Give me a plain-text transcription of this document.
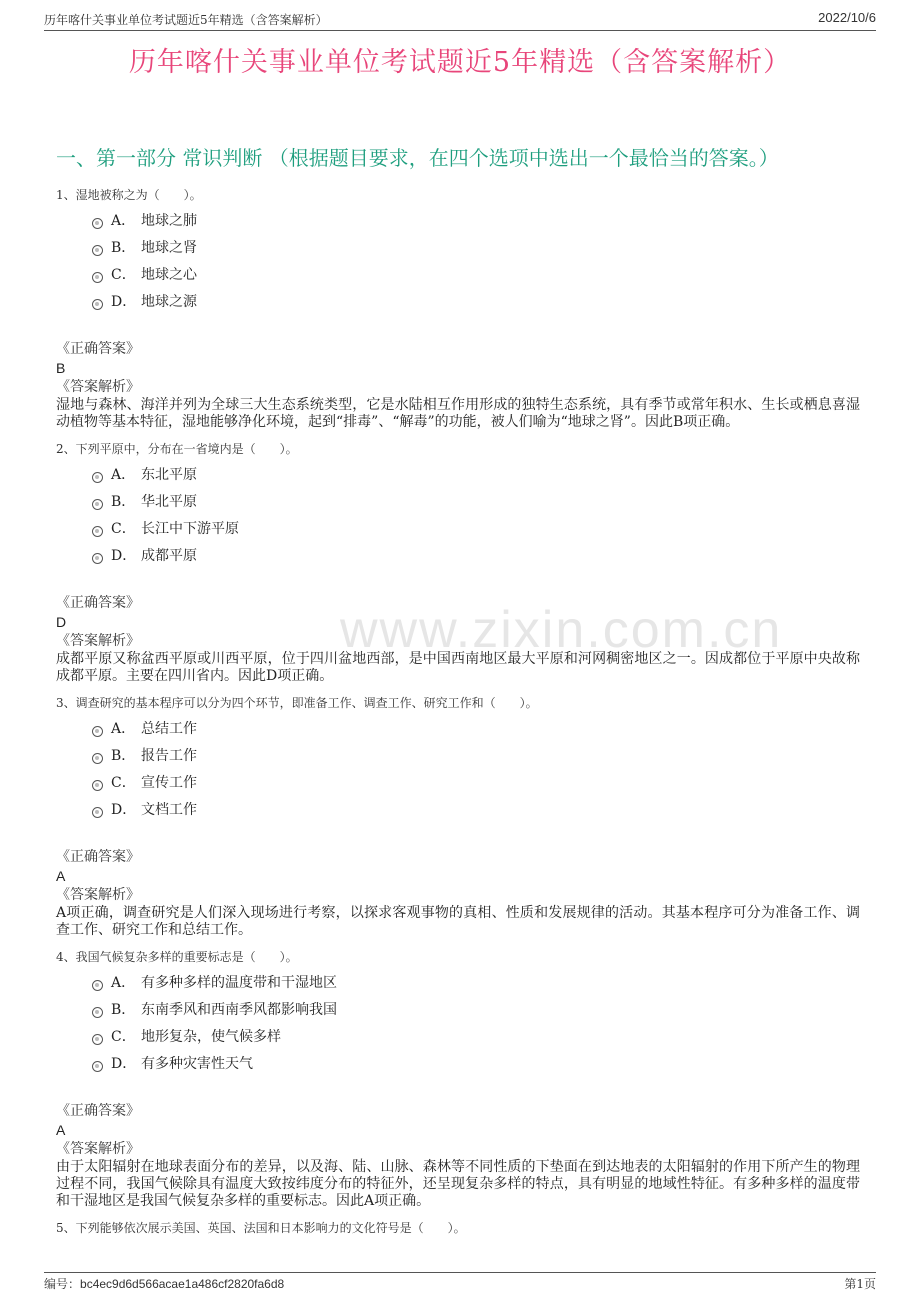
历年喀什关事业单位考试题近5年精选（含答案解析）	2022/10/6
历年喀什关事业单位考试题近5年精选（含答案解析）
一、第一部分 常识判断 （根据题目要求，在四个选项中选出一个最恰当的答案。）
www.zixin.com.cn
1、湿地被称之为（　　）。
A． 地球之肺
B． 地球之肾
C． 地球之心
D． 地球之源
《正确答案》
B
《答案解析》
湿地与森林、海洋并列为全球三大生态系统类型，它是水陆相互作用形成的独特生态系统，具有季节或常年积水、生长或栖息喜湿动植物等基本特征，湿地能够净化环境，起到“排毒”、“解毒”的功能，被人们喻为“地球之肾”。因此B项正确。
2、下列平原中，分布在一省境内是（　　）。
A． 东北平原
B． 华北平原
C． 长江中下游平原
D． 成都平原
《正确答案》
D
《答案解析》
成都平原又称盆西平原或川西平原，位于四川盆地西部，是中国西南地区最大平原和河网稠密地区之一。因成都位于平原中央故称成都平原。主要在四川省内。因此D项正确。
3、调查研究的基本程序可以分为四个环节，即准备工作、调查工作、研究工作和（　　）。
A． 总结工作
B． 报告工作
C． 宣传工作
D． 文档工作
《正确答案》
A
《答案解析》
A项正确，调查研究是人们深入现场进行考察，以探求客观事物的真相、性质和发展规律的活动。其基本程序可分为准备工作、调查工作、研究工作和总结工作。
4、我国气候复杂多样的重要标志是（　　）。
A． 有多种多样的温度带和干湿地区
B． 东南季风和西南季风都影响我国
C． 地形复杂，使气候多样
D． 有多种灾害性天气
《正确答案》
A
《答案解析》
由于太阳辐射在地球表面分布的差异，以及海、陆、山脉、森林等不同性质的下垫面在到达地表的太阳辐射的作用下所产生的物理过程不同，我国气候除具有温度大致按纬度分布的特征外，还呈现复杂多样的特点，具有明显的地域性特征。有多种多样的温度带和干湿地区是我国气候复杂多样的重要标志。因此A项正确。
5、下列能够依次展示美国、英国、法国和日本影响力的文化符号是（　　）。
编号：bc4ec9d6d566acae1a486cf2820fa6d8	第1页
